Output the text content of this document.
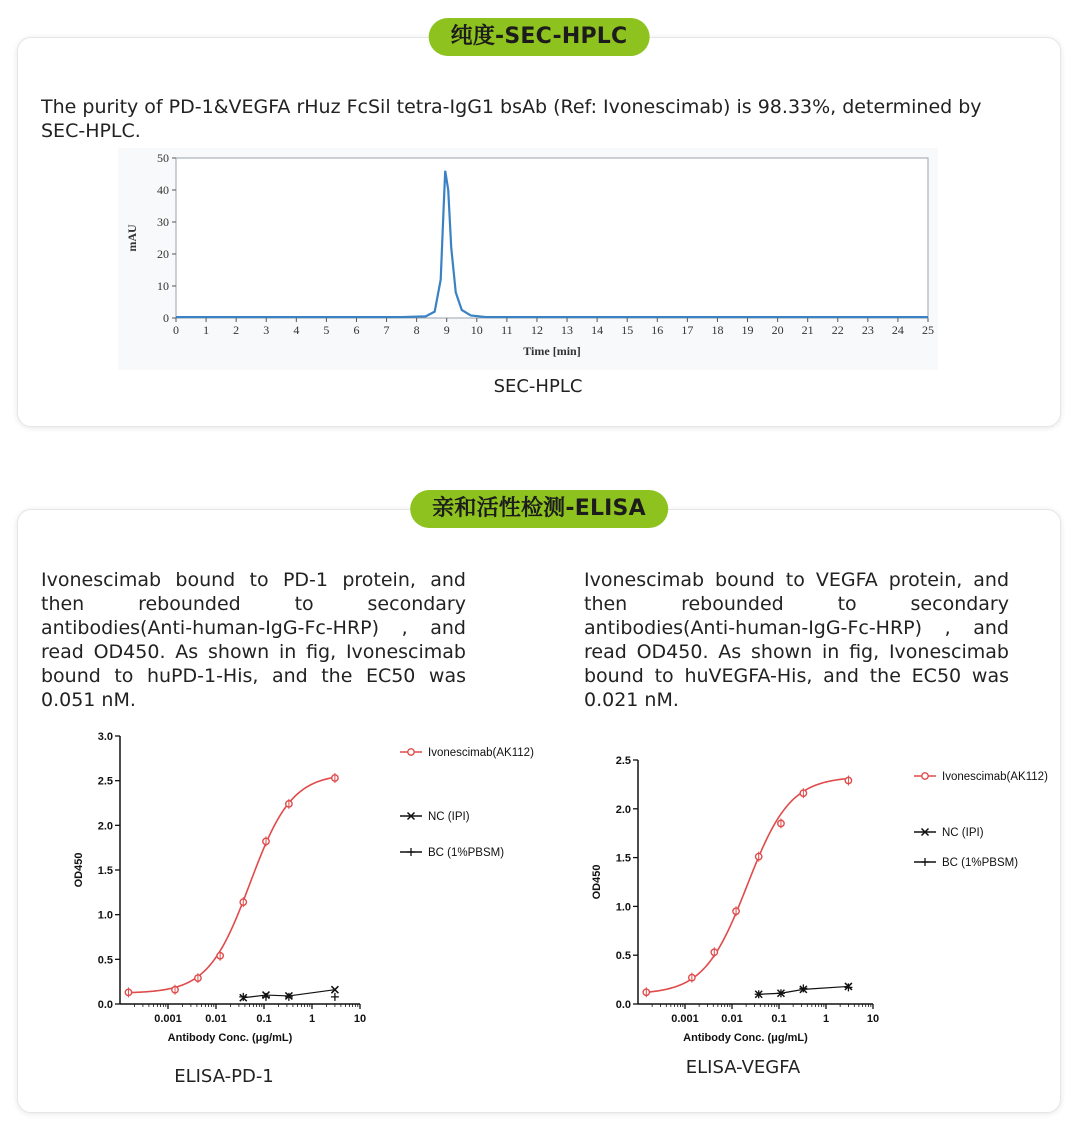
纯度-SEC-HPLC
The purity of PD-1&VEGFA rHuz FcSil tetra-IgG1 bsAb (Ref: Ivonescimab) is 98.33%, determined by SEC-HPLC.
0
10
20
30
40
50
0 1 2 3 4 5 6 7 8 9 10 11 12 13 14 15 16 17 18 19 20 21 22 23 24 25
Time [min]
mAU
SEC-HPLC
亲和活性检测-ELISA
Ivonescimab bound to PD-1 protein, and then rebounded to secondary antibodies(Anti-human-IgG-Fc-HRP) , and read OD450. As shown in fig, Ivonescimab bound to huPD-1-His, and the EC50 was 0.051 nM.
Ivonescimab bound to VEGFA protein, and then rebounded to secondary antibodies(Anti-human-IgG-Fc-HRP) , and read OD450. As shown in fig, Ivonescimab bound to huVEGFA-His, and the EC50 was 0.021 nM.
0.0
0.5
1.0
1.5
2.0
2.5
3.0
0.001 0.01	0.1	1	10
Antibody Conc. (μg/mL)
OD450
Ivonescimab(AK112)
NC (IPI)
BC (1%PBSM)
0.0
0.5
1.0
1.5
2.0
2.5
0.001 0.01	0.1	1	10
Antibody Conc. (μg/mL)
OD450
Ivonescimab(AK112)
NC (IPI)
BC (1%PBSM)
ELISA-PD-1	ELISA-VEGFA
